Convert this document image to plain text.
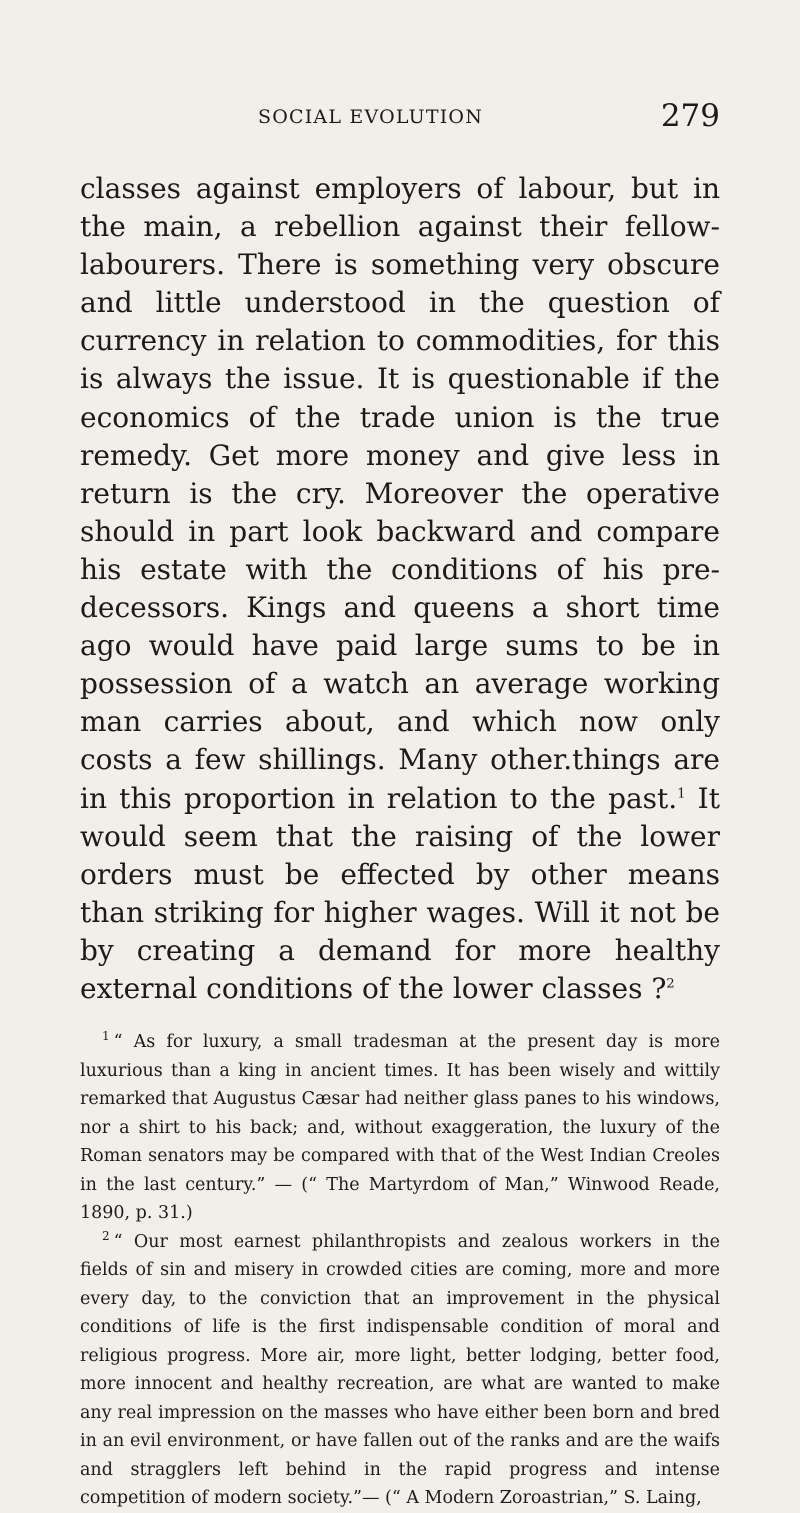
SOCIAL EVOLUTION	279

classes against employers of labour, but in the main, a rebellion against their fellow-labourers. There is something very obscure and little understood in the question of currency in relation to commodities, for this is always the issue. It is questionable if the economics of the trade union is the true remedy. Get more money and give less in return is the cry. Moreover the operative should in part look backward and compare his estate with the conditions of his pre-decessors. Kings and queens a short time ago would have paid large sums to be in possession of a watch an average working man carries about, and which now only costs a few shillings. Many other.things are in this proportion in relation to the past.$^1$ It would seem that the raising of the lower orders must be effected by other means than striking for higher wages. Will it not be by creating a demand for more healthy external conditions of the lower classes ?$^2$

$^1$ “ As for luxury, a small tradesman at the present day is more luxurious than a king in ancient times. It has been wisely and wittily remarked that Augustus Cæsar had neither glass panes to his windows, nor a shirt to his back; and, without exaggeration, the luxury of the Roman senators may be compared with that of the West Indian Creoles in the last century.” — (“ The Martyrdom of Man,” Winwood Reade, 1890, p. 31.)

$^2$ “ Our most earnest philanthropists and zealous workers in the fields of sin and misery in crowded cities are coming, more and more every day, to the conviction that an improvement in the physical conditions of life is the first indispensable condition of moral and religious progress. More air, more light, better lodging, better food, more innocent and healthy recreation, are what are wanted to make any real impression on the masses who have either been born and bred in an evil environment, or have fallen out of the ranks and are the waifs and stragglers left behind in the rapid progress and intense competition of modern society.”— (“ A Modern Zoroastrian,” S. Laing,
